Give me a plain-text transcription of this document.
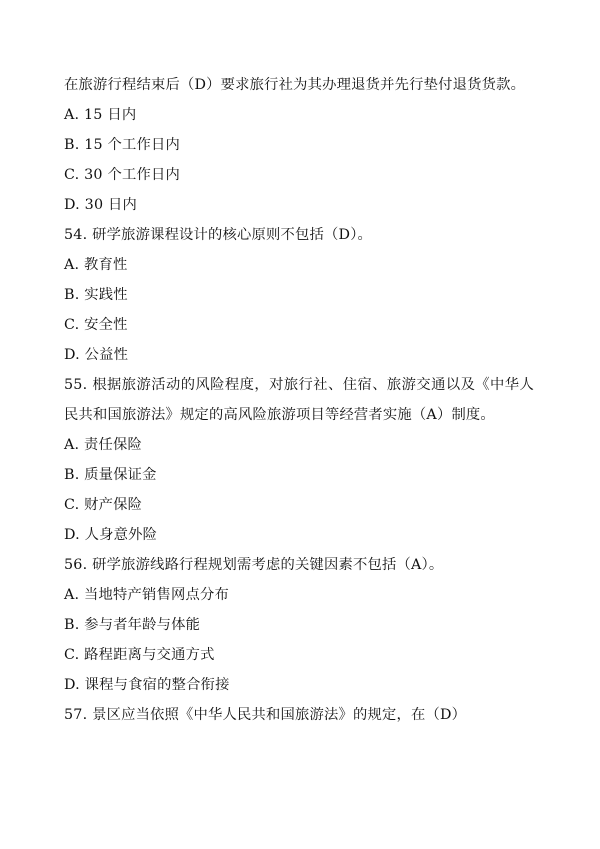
在旅游行程结束后（D）要求旅行社为其办理退货并先行垫付退货货款。

A. 15 日内

B. 15 个工作日内

C. 30 个工作日内

D. 30 日内

54. 研学旅游课程设计的核心原则不包括（D）。

A. 教育性

B. 实践性

C. 安全性

D. 公益性

55. 根据旅游活动的风险程度，对旅行社、住宿、旅游交通以及《中华人民共和国旅游法》规定的高风险旅游项目等经营者实施（A）制度。

A. 责任保险

B. 质量保证金

C. 财产保险

D. 人身意外险

56. 研学旅游线路行程规划需考虑的关键因素不包括（A）。

A. 当地特产销售网点分布

B. 参与者年龄与体能

C. 路程距离与交通方式

D. 课程与食宿的整合衔接

57. 景区应当依照《中华人民共和国旅游法》的规定，在（D）
